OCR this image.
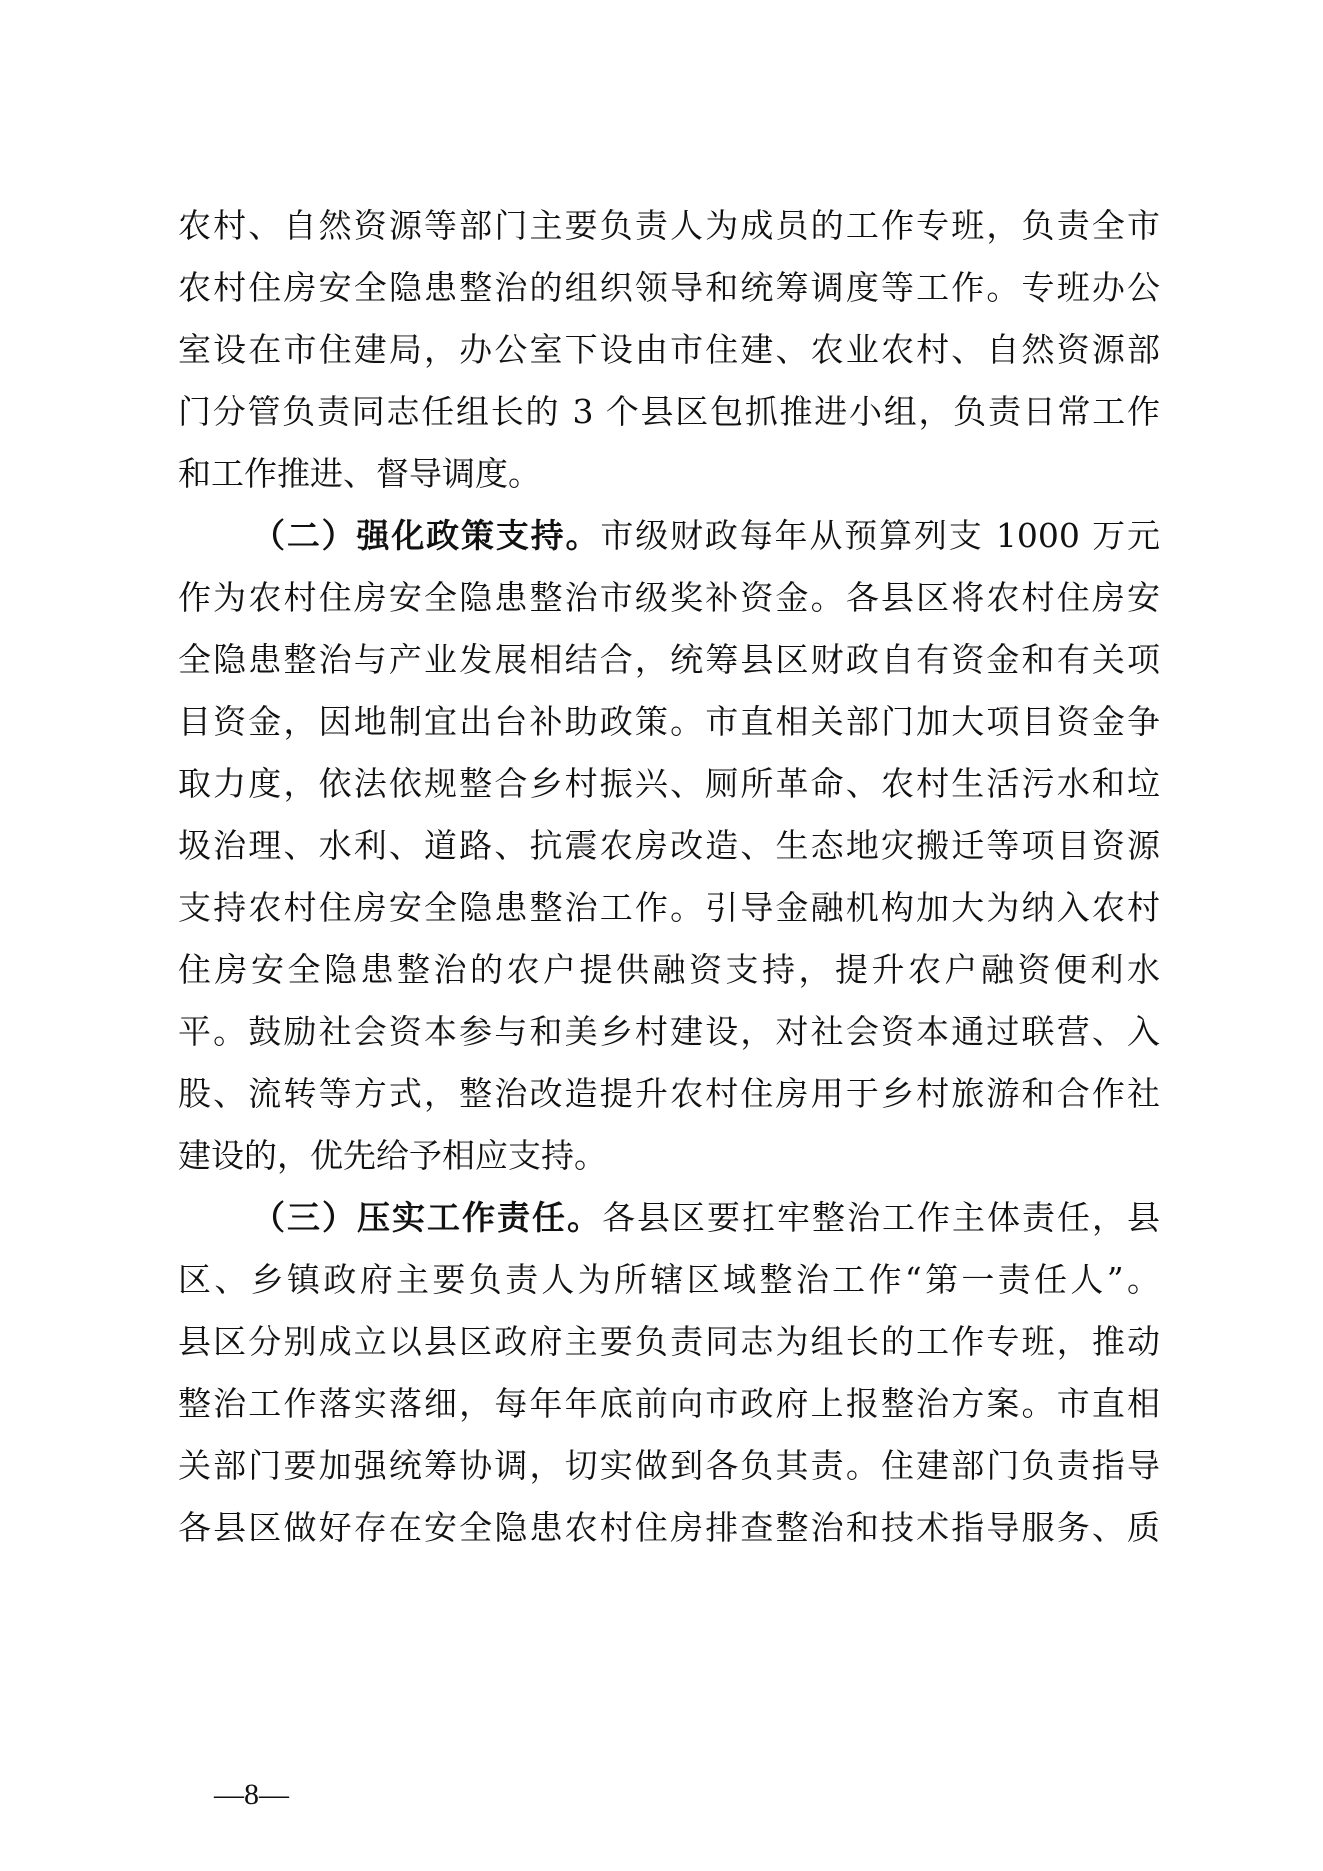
农村、自然资源等部门主要负责人为成员的工作专班，负责全市
农村住房安全隐患整治的组织领导和统筹调度等工作。专班办公
室设在市住建局，办公室下设由市住建、农业农村、自然资源部
门分管负责同志任组长的 3 个县区包抓推进小组，负责日常工作
和工作推进、督导调度。
（二）强化政策支持。市级财政每年从预算列支 1000 万元
作为农村住房安全隐患整治市级奖补资金。各县区将农村住房安
全隐患整治与产业发展相结合，统筹县区财政自有资金和有关项
目资金，因地制宜出台补助政策。市直相关部门加大项目资金争
取力度，依法依规整合乡村振兴、厕所革命、农村生活污水和垃
圾治理、水利、道路、抗震农房改造、生态地灾搬迁等项目资源
支持农村住房安全隐患整治工作。引导金融机构加大为纳入农村
住房安全隐患整治的农户提供融资支持，提升农户融资便利水
平。鼓励社会资本参与和美乡村建设，对社会资本通过联营、入
股、流转等方式，整治改造提升农村住房用于乡村旅游和合作社
建设的，优先给予相应支持。
（三）压实工作责任。各县区要扛牢整治工作主体责任，县
区、乡镇政府主要负责人为所辖区域整治工作“第一责任人”。
县区分别成立以县区政府主要负责同志为组长的工作专班，推动
整治工作落实落细，每年年底前向市政府上报整治方案。市直相
关部门要加强统筹协调，切实做到各负其责。住建部门负责指导
各县区做好存在安全隐患农村住房排查整治和技术指导服务、质
—8—
